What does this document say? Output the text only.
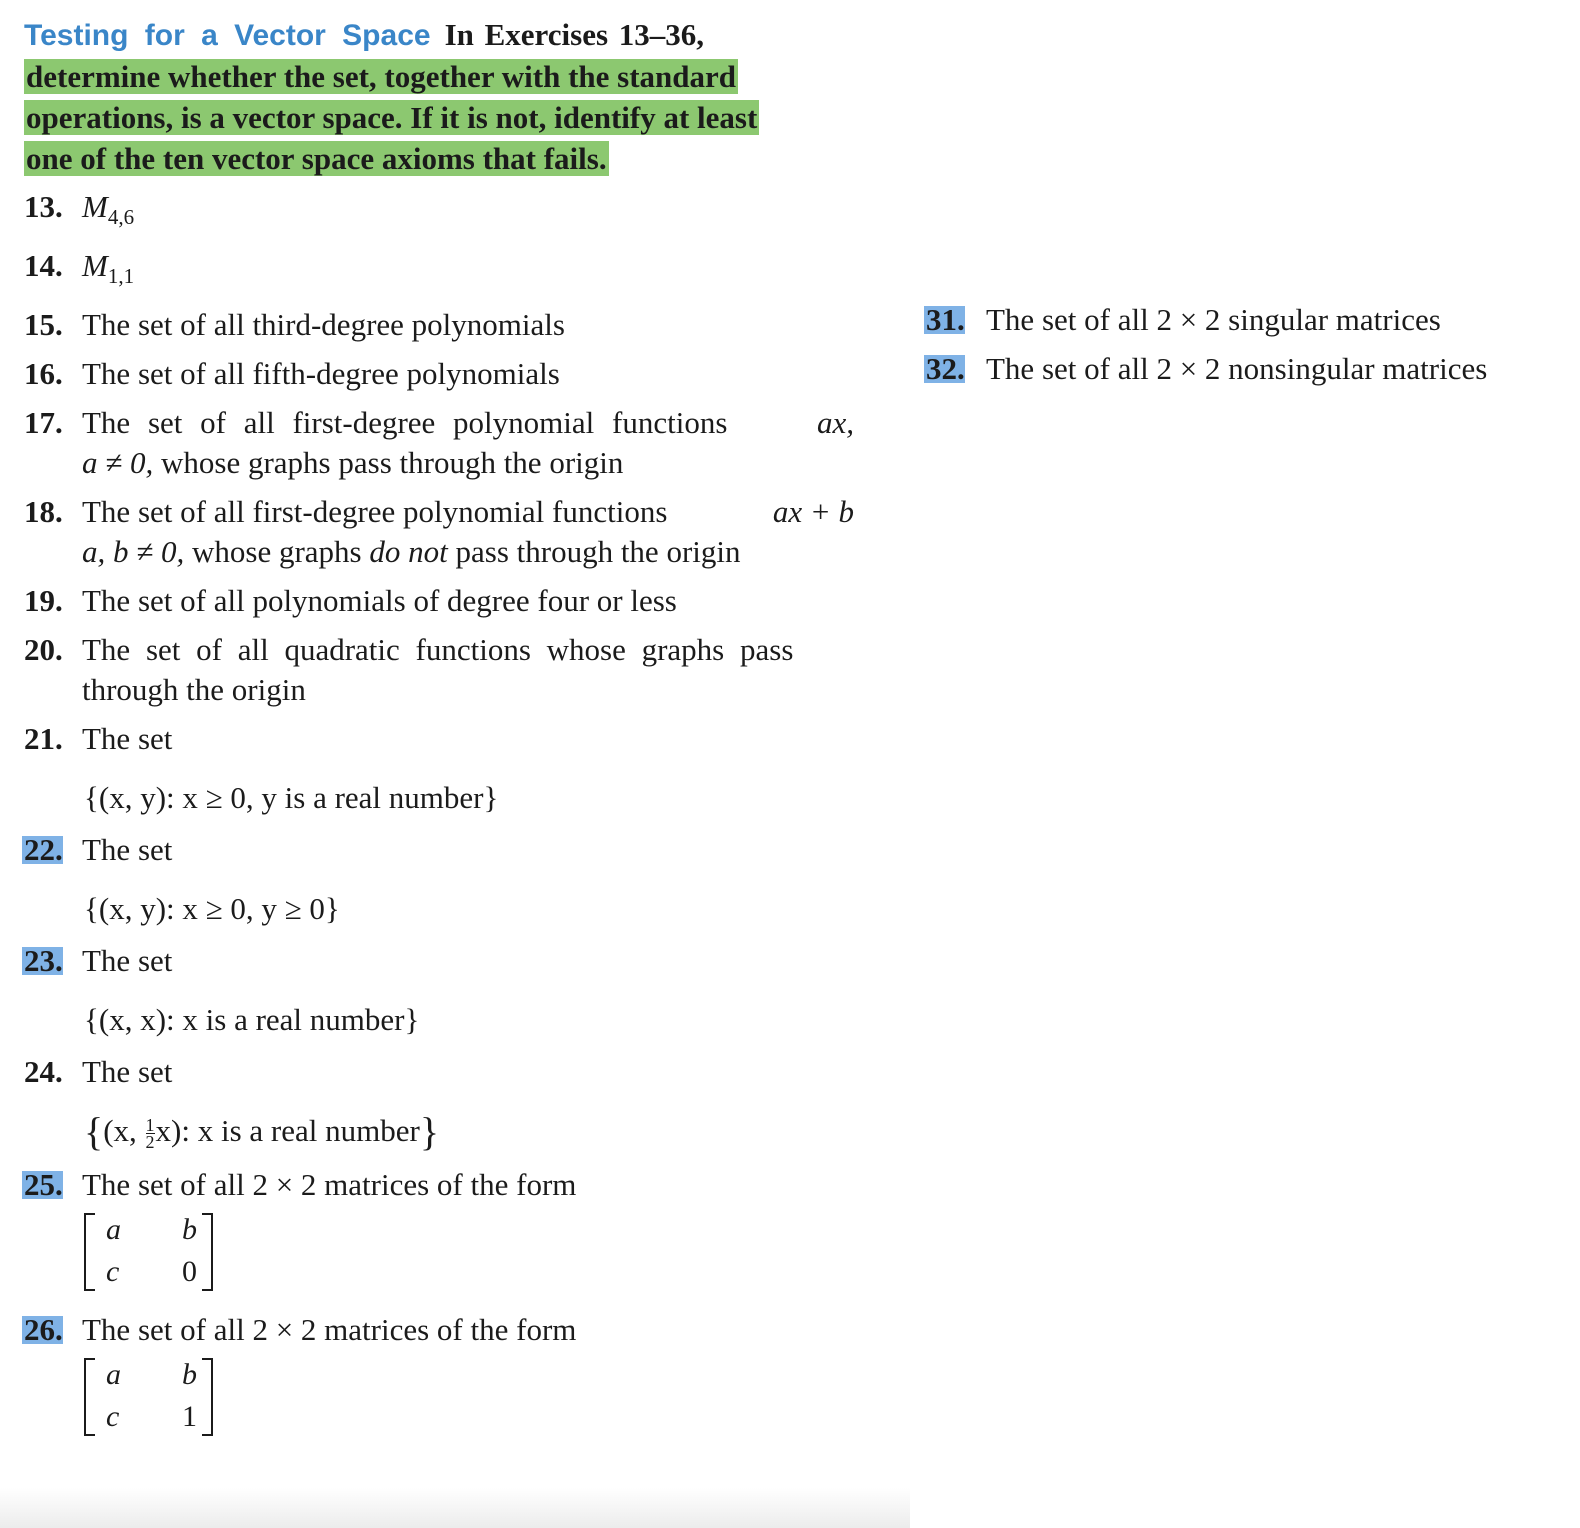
Testing for a Vector Space In Exercises 13–36,
determine whether the set, together with the standard
operations, is a vector space. If it is not, identify at least
one of the ten vector space axioms that fails.
13. $M_{4,6}$
14. $M_{1,1}$
15. The set of all third-degree polynomials
16. The set of all fifth-degree polynomials
17. The set of all first-degree polynomial functions	ax,
a ≠ 0, whose graphs pass through the origin
18. The set of all first-degree polynomial functions	ax + b
a, b ≠ 0, whose graphs do not pass through the origin
19. The set of all polynomials of degree four or less
20. The set of all quadratic functions whose graphs pass
through the origin
21. The set
{(x, y): x ≥ 0, y is a real number}
22. The set
{(x, y): x ≥ 0, y ≥ 0}
23. The set
{(x, x): x is a real number}
24. The set
{(x, $\frac{1}{2} x$): x is a real number}
25. The set of all 2 × 2 matrices of the form
a b
c 0
26. The set of all 2 × 2 matrices of the form
a b
c 1
31. The set of all 2 × 2 singular matrices
32. The set of all 2 × 2 nonsingular matrices
